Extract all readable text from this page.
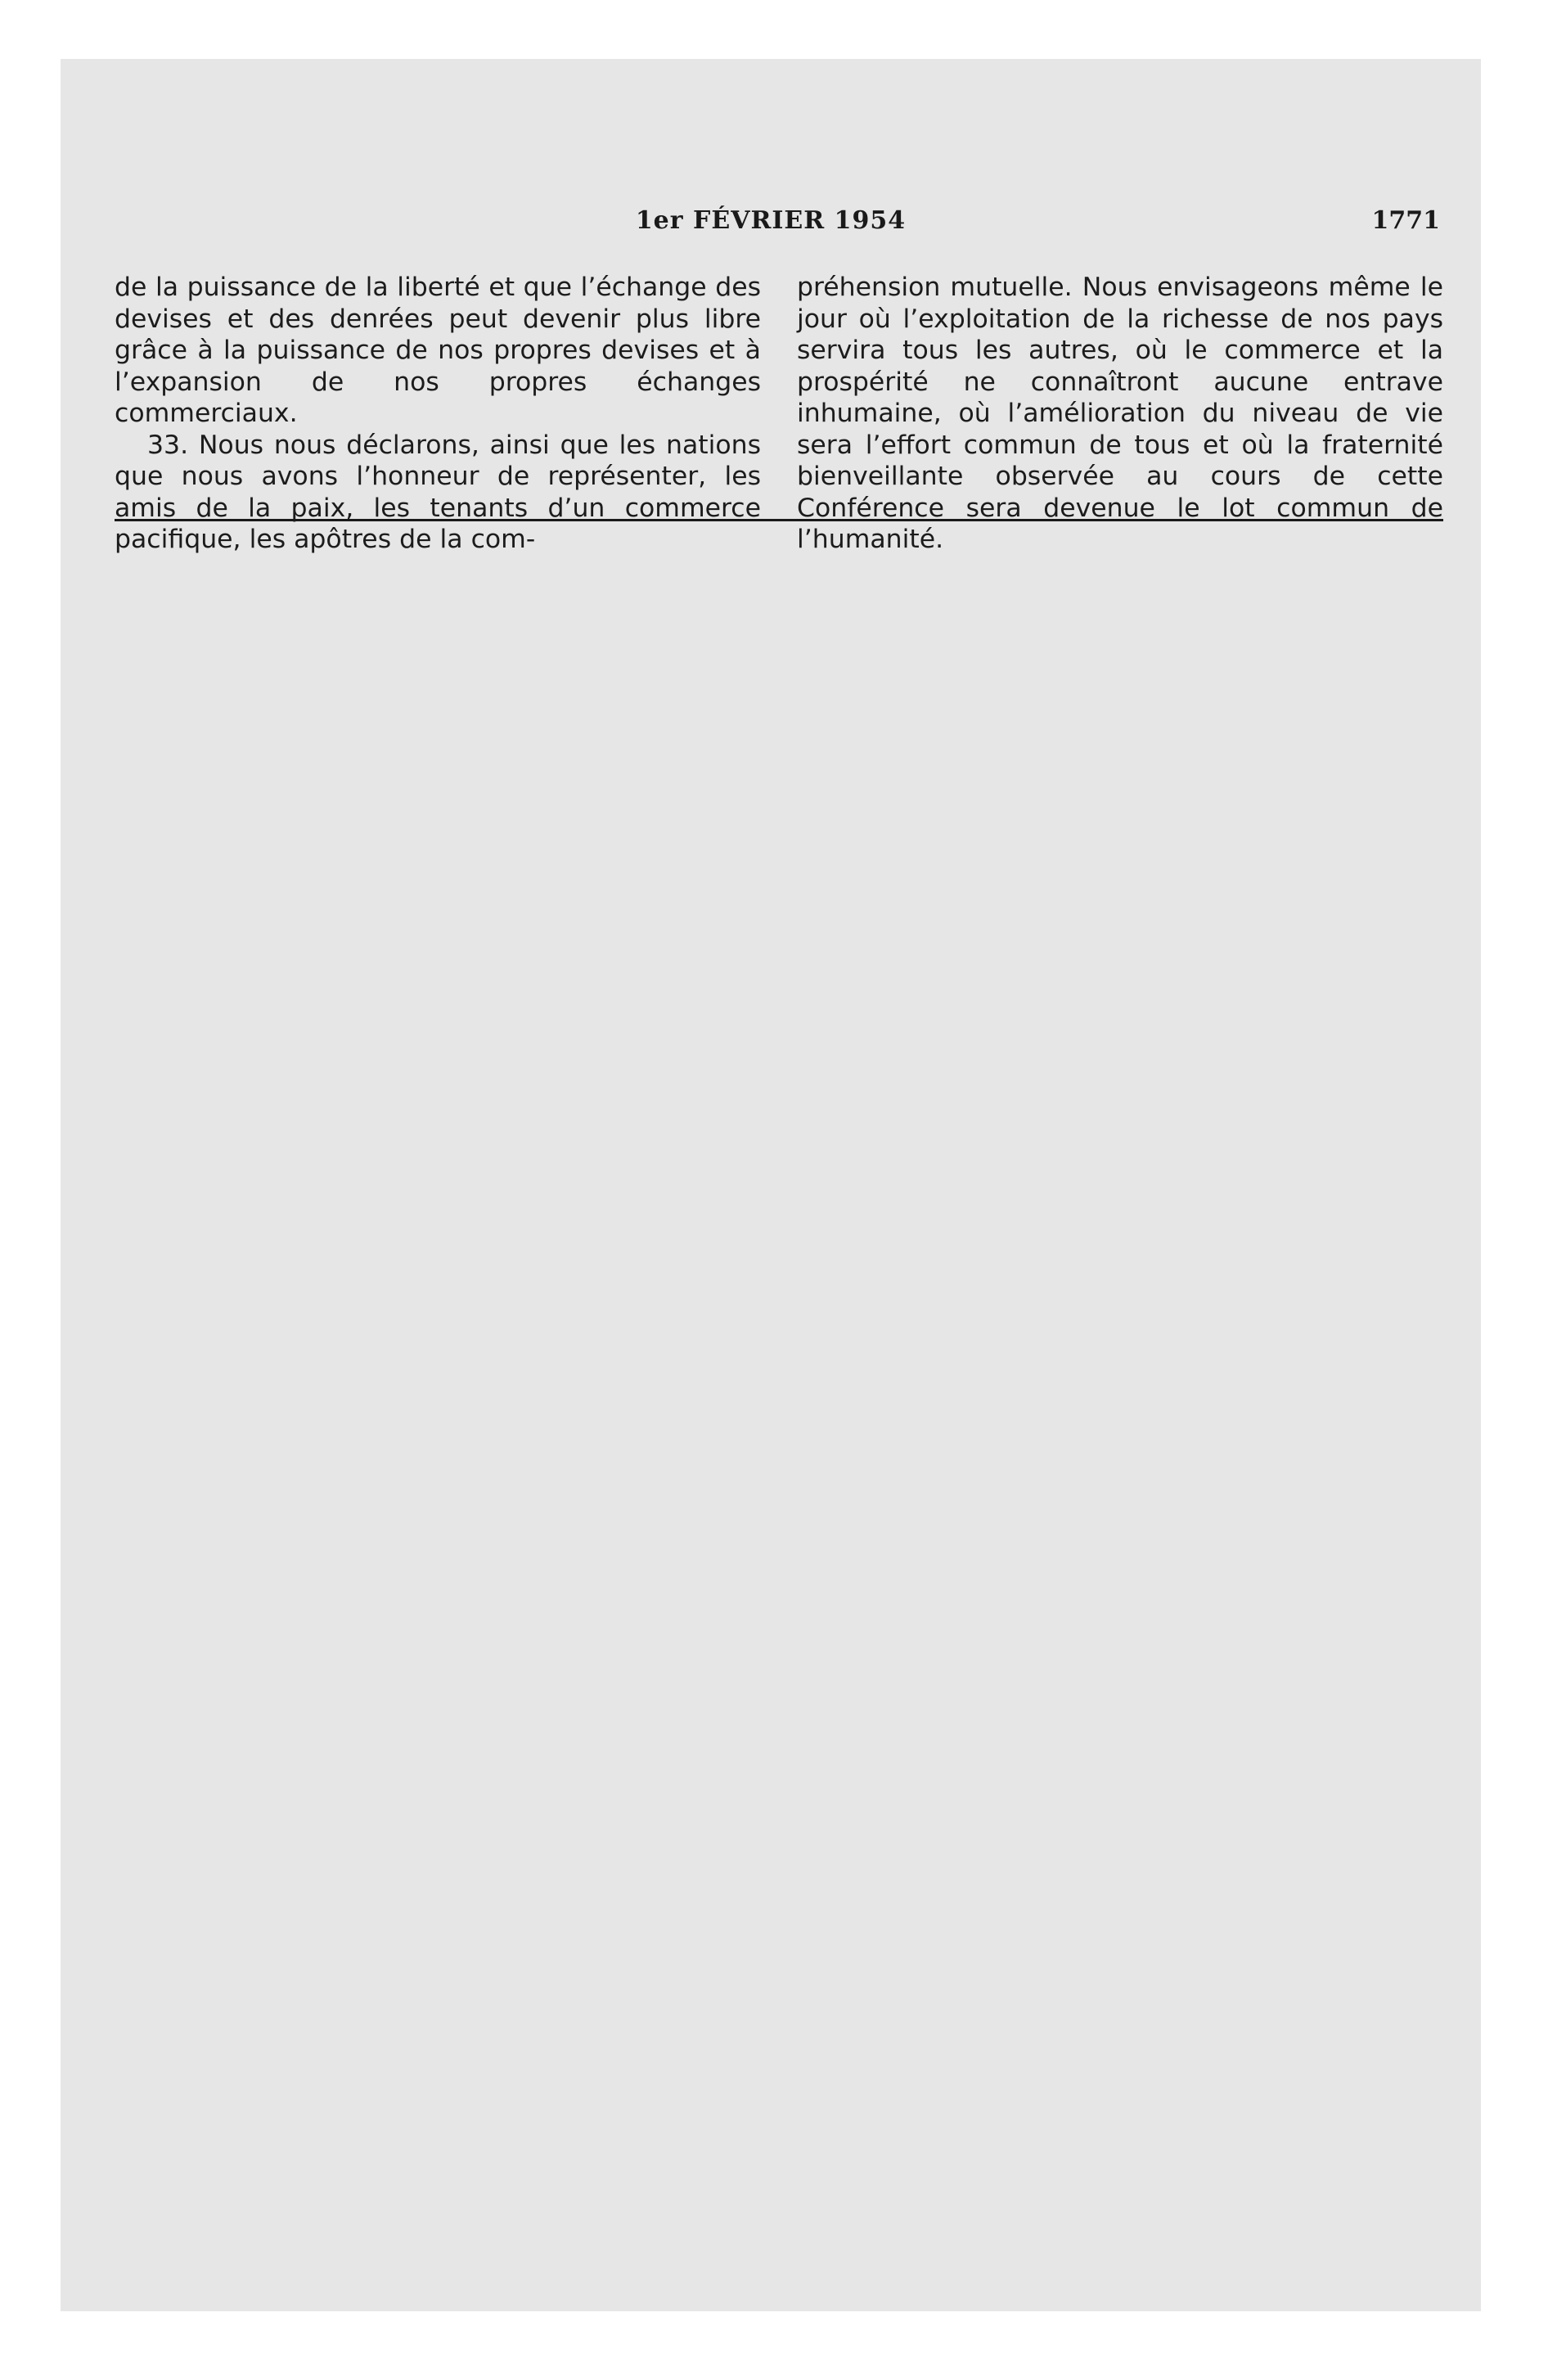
1er FÉVRIER 1954	1771

de la puissance de la liberté et que l’échange des devises et des denrées peut devenir plus libre grâce à la puissance de nos propres devises et à l’expansion de nos propres échanges commerciaux.

33. Nous nous déclarons, ainsi que les nations que nous avons l’honneur de représenter, les amis de la paix, les tenants d’un commerce pacifique, les apôtres de la com-

préhension mutuelle. Nous envisageons même le jour où l’exploitation de la richesse de nos pays servira tous les autres, où le commerce et la prospérité ne connaîtront aucune entrave inhumaine, où l’amélioration du niveau de vie sera l’effort commun de tous et où la fraternité bienveillante observée au cours de cette Conférence sera devenue le lot commun de l’humanité.
